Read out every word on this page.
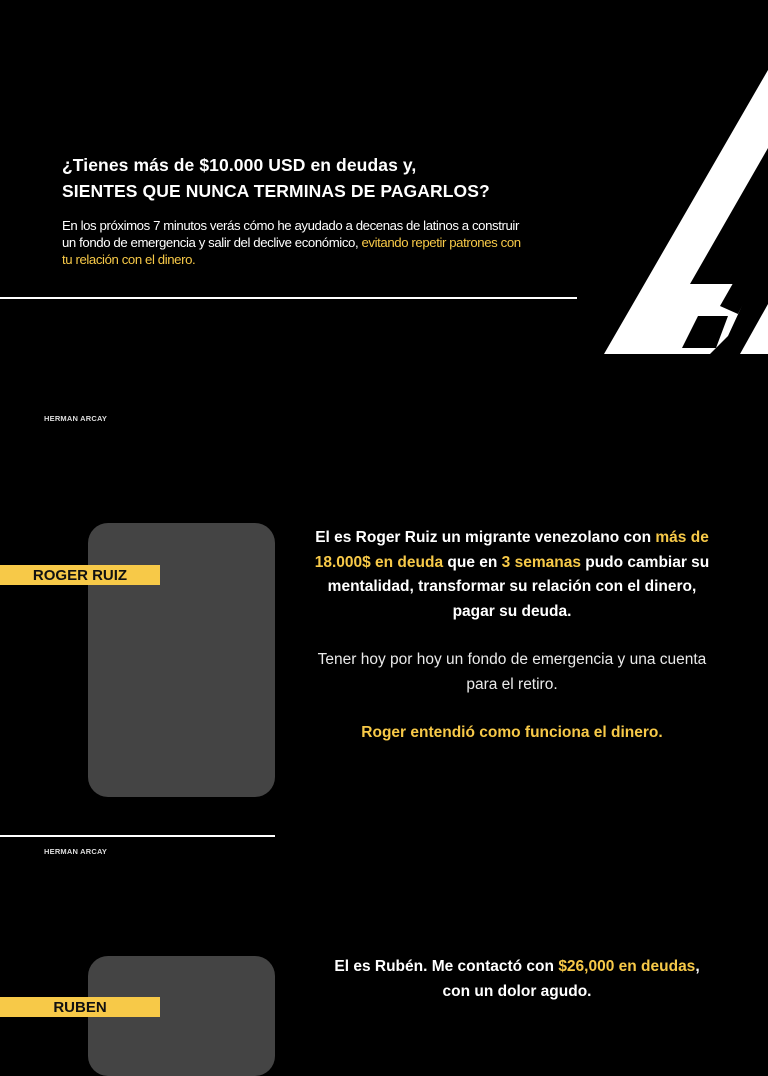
¿Tienes más de $10.000 USD en deudas y,
SIENTES QUE NUNCA TERMINAS DE PAGARLOS?
En los próximos 7 minutos verás cómo he ayudado a decenas de latinos a construir un fondo de emergencia y salir del declive económico, evitando repetir patrones con tu relación con el dinero.
HERMAN ARCAY
ROGER RUIZ
El es Roger Ruiz un migrante venezolano con más de 18.000$ en deuda que en 3 semanas pudo cambiar su mentalidad, transformar su relación con el dinero, pagar su deuda.
Tener hoy por hoy un fondo de emergencia y una cuenta para el retiro.
Roger entendió como funciona el dinero.
HERMAN ARCAY
RUBEN
El es Rubén. Me contactó con $26,000 en deudas, con un dolor agudo.
